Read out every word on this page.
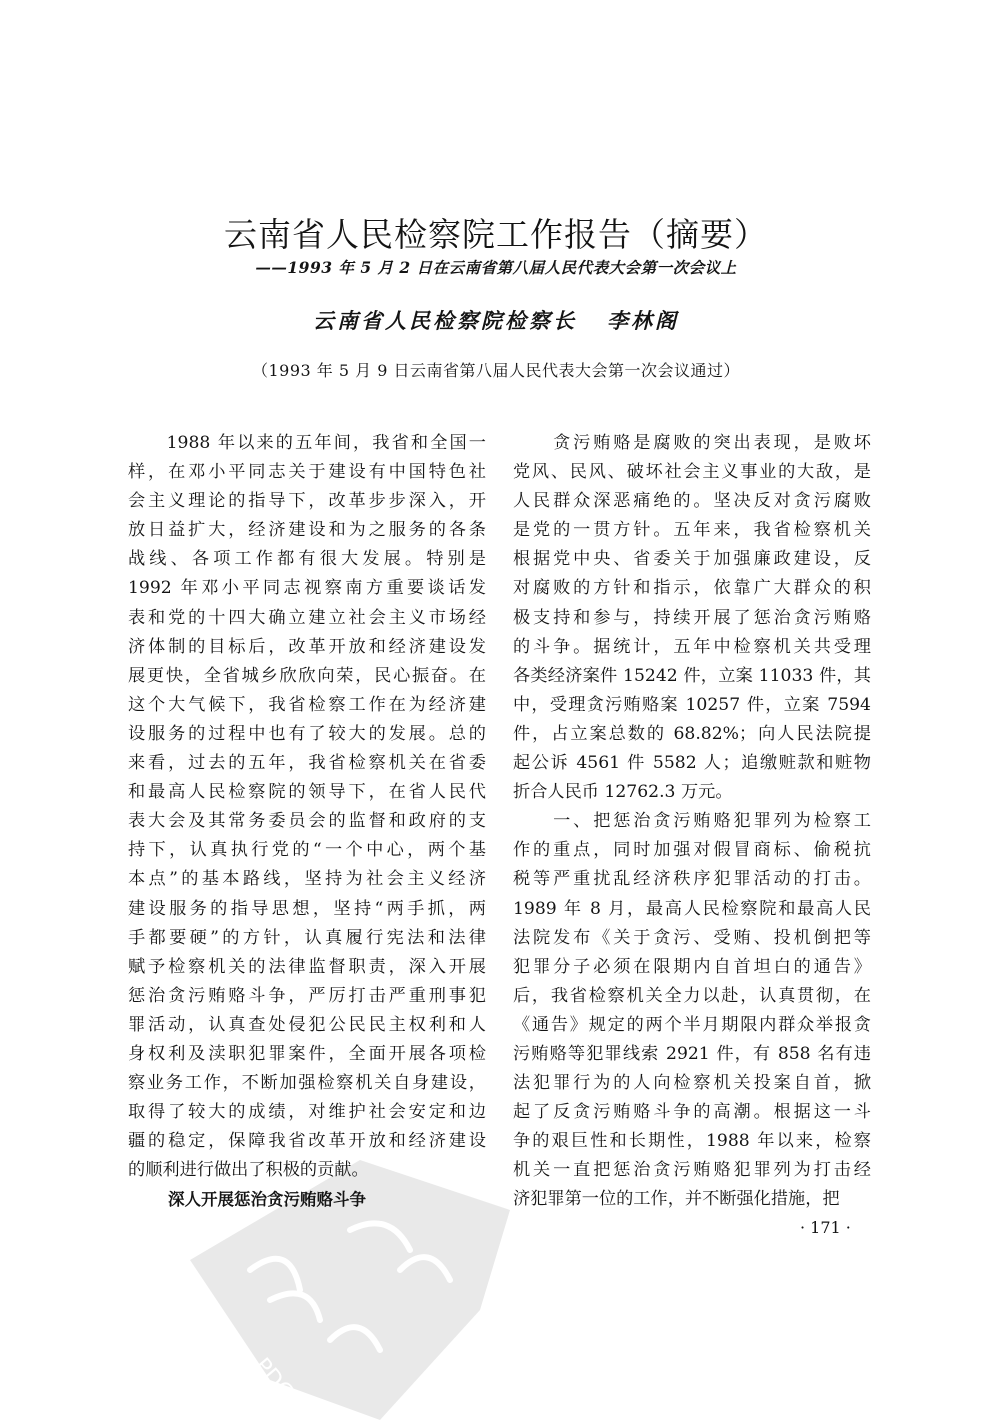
PDG
云南省人民检察院工作报告（摘要）
——1993 年 5 月 2 日在云南省第八届人民代表大会第一次会议上
云南省人民检察院检察长 李林阁
（1993 年 5 月 9 日云南省第八届人民代表大会第一次会议通过）
　　1988 年以来的五年间，我省和全国一
样，在邓小平同志关于建设有中国特色社
会主义理论的指导下，改革步步深入，开
放日益扩大，经济建设和为之服务的各条
战线、各项工作都有很大发展。特别是
1992 年邓小平同志视察南方重要谈话发
表和党的十四大确立建立社会主义市场经
济体制的目标后，改革开放和经济建设发
展更快，全省城乡欣欣向荣，民心振奋。在
这个大气候下，我省检察工作在为经济建
设服务的过程中也有了较大的发展。总的
来看，过去的五年，我省检察机关在省委
和最高人民检察院的领导下，在省人民代
表大会及其常务委员会的监督和政府的支
持下，认真执行党的“一个中心，两个基
本点”的基本路线，坚持为社会主义经济
建设服务的指导思想，坚持“两手抓，两
手都要硬”的方针，认真履行宪法和法律
赋予检察机关的法律监督职责，深入开展
惩治贪污贿赂斗争，严厉打击严重刑事犯
罪活动，认真查处侵犯公民民主权利和人
身权利及渎职犯罪案件，全面开展各项检
察业务工作，不断加强检察机关自身建设，
取得了较大的成绩，对维护社会安定和边
疆的稳定，保障我省改革开放和经济建设
的顺利进行做出了积极的贡献。
深人开展惩治贪污贿赂斗争
　　贪污贿赂是腐败的突出表现，是败坏
党风、民风、破坏社会主义事业的大敌，是
人民群众深恶痛绝的。坚决反对贪污腐败
是党的一贯方针。五年来，我省检察机关
根据党中央、省委关于加强廉政建设，反
对腐败的方针和指示，依靠广大群众的积
极支持和参与，持续开展了惩治贪污贿赂
的斗争。据统计，五年中检察机关共受理
各类经济案件 15242 件，立案 11033 件，其
中，受理贪污贿赂案 10257 件，立案 7594
件，占立案总数的 68.82%；向人民法院提
起公诉 4561 件 5582 人；追缴赃款和赃物
折合人民币 12762.3 万元。
　　一、把惩治贪污贿赂犯罪列为检察工
作的重点，同时加强对假冒商标、偷税抗
税等严重扰乱经济秩序犯罪活动的打击。
1989 年 8 月，最高人民检察院和最高人民
法院发布《关于贪污、受贿、投机倒把等
犯罪分子必须在限期内自首坦白的通告》
后，我省检察机关全力以赴，认真贯彻，在
《通告》规定的两个半月期限内群众举报贪
污贿赂等犯罪线索 2921 件，有 858 名有违
法犯罪行为的人向检察机关投案自首，掀
起了反贪污贿赂斗争的高潮。根据这一斗
争的艰巨性和长期性，1988 年以来，检察
机关一直把惩治贪污贿赂犯罪列为打击经
济犯罪第一位的工作，并不断强化措施，把
· 171 ·
